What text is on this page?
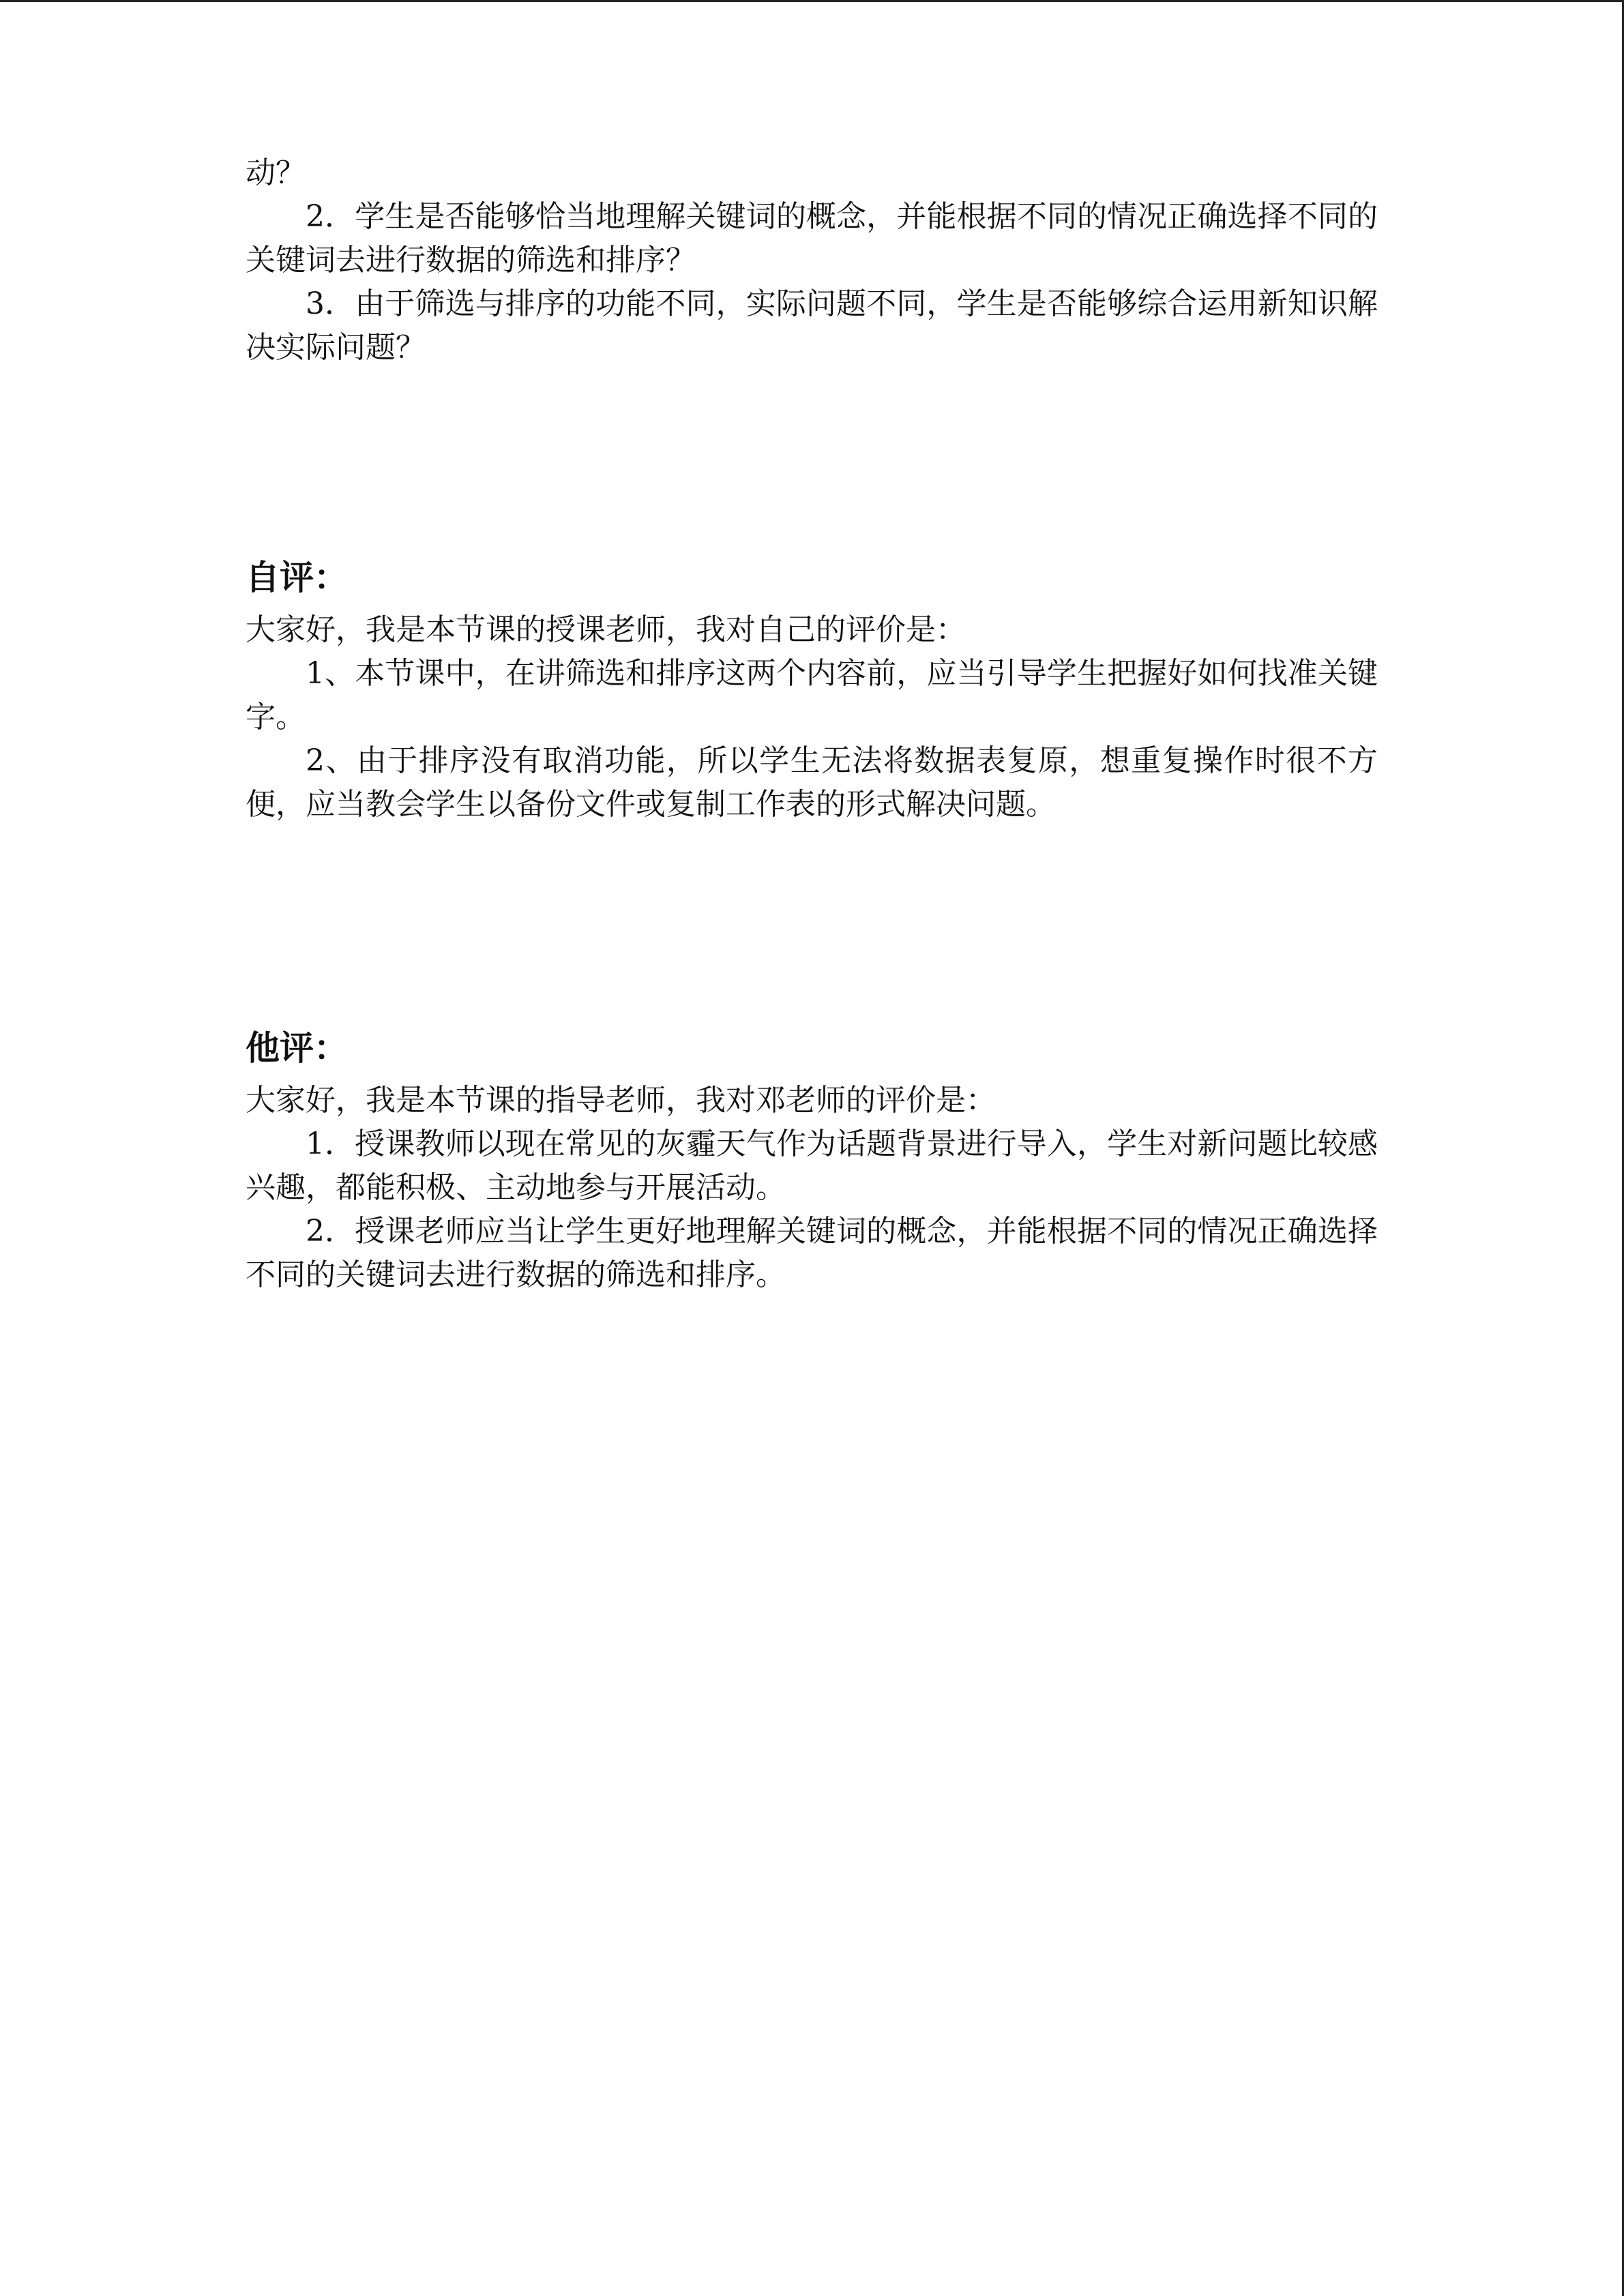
动？

2．学生是否能够恰当地理解关键词的概念，并能根据不同的情况正确选择不同的关键词去进行数据的筛选和排序？

3．由于筛选与排序的功能不同，实际问题不同，学生是否能够综合运用新知识解决实际问题？

自评：

大家好，我是本节课的授课老师，我对自己的评价是：

1、本节课中，在讲筛选和排序这两个内容前，应当引导学生把握好如何找准关键字。

2、由于排序没有取消功能，所以学生无法将数据表复原，想重复操作时很不方便，应当教会学生以备份文件或复制工作表的形式解决问题。

他评：

大家好，我是本节课的指导老师，我对邓老师的评价是：

1．授课教师以现在常见的灰霾天气作为话题背景进行导入，学生对新问题比较感兴趣，都能积极、主动地参与开展活动。

2．授课老师应当让学生更好地理解关键词的概念，并能根据不同的情况正确选择不同的关键词去进行数据的筛选和排序。
